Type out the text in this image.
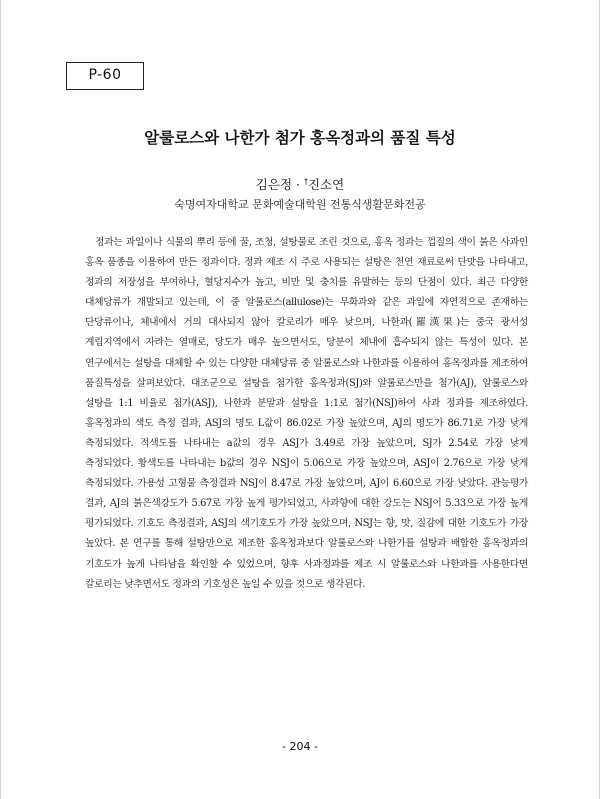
P-60
알룰로스와 나한가 첨가 홍옥정과의 품질 특성
김은정 · †진소연
숙명여자대학교 문화예술대학원 전통식생활문화전공

정과는 과일이나 식물의 뿌리 등에 꿀, 조청, 설탕물로 조린 것으로, 홍옥 정과는 껍질의 색이 붉은 사과인 홍옥 품종을 이용하여 만든 정과이다. 정과 제조 시 주로 사용되는 설탕은 천연 재료로써 단맛을 나타내고, 정과의 저장성을 부여하나, 혈당지수가 높고, 비만 및 충치를 유발하는 등의 단점이 있다. 최근 다양한 대체당류가 개발되고 있는데, 이 중 알룰로스(allulose)는 무화과와 같은 과일에 자연적으로 존재하는 단당류이나, 체내에서 거의 대사되지 않아 칼로리가 매우 낮으며, 나한과(羅漢果)는 중국 광서성 계림지역에서 자라는 열매로, 당도가 매우 높으면서도, 당분이 체내에 흡수되지 않는 특성이 있다. 본 연구에서는 설탕을 대체할 수 있는 다양한 대체당류 중 알룰로스와 나한과를 이용하여 홍옥정과를 제조하여 품질특성을 살펴보았다. 대조군으로 설탕을 첨가한 홍옥정과(SJ)와 알룰로스만을 첨가(AJ), 알룰로스와 설탕을 1:1 비율로 첨가(ASJ), 나한과 분말과 설탕을 1:1로 첨가(NSJ)하여 사과 정과를 제조하였다. 홍옥정과의 색도 측정 결과, ASJ의 명도 L값이 86.02로 가장 높았으며, AJ의 명도가 86.71로 가장 낮게 측정되었다. 적색도를 나타내는 a값의 경우 ASJ가 3.49로 가장 높았으며, SJ가 2.54로 가장 낮게 측정되었다. 황색도를 나타내는 b값의 경우 NSJ이 5.06으로 가장 높았으며, ASJ이 2.76으로 가장 낮게 측정되었다. 가용성 고형물 측정결과 NSJ이 8.47로 가장 높았으며, AJ이 6.60으로 가장 낮았다. 관능평가 결과, AJ의 붉은색강도가 5.67로 가장 높게 평가되었고, 사과향에 대한 강도는 NSJ이 5.33으로 가장 높게 평가되었다. 기호도 측정결과, ASJ의 색기호도가 가장 높았으며, NSJ는 향, 맛, 질감에 대한 기호도가 가장 높았다. 본 연구를 통해 설탕만으로 제조한 홍옥정과보다 알룰로스와 나한가를 설탕과 배합한 홍옥정과의 기호도가 높게 나타남을 확인할 수 있었으며, 향후 사과정과를 제조 시 알룰로스와 나한과를 사용한다면 칼로리는 낮추면서도 정과의 기호성은 높일 수 있을 것으로 생각된다.

- 204 -
